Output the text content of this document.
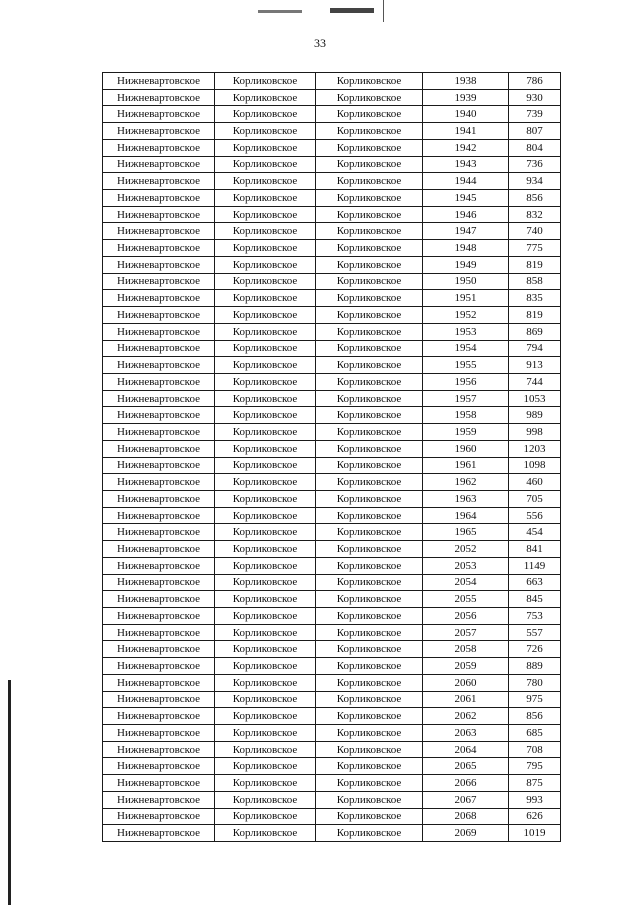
33
Нижневартовское	Корликовское	Корликовское	1938	786
Нижневартовское	Корликовское	Корликовское	1939	930
Нижневартовское	Корликовское	Корликовское	1940	739
Нижневартовское	Корликовское	Корликовское	1941	807
Нижневартовское	Корликовское	Корликовское	1942	804
Нижневартовское	Корликовское	Корликовское	1943	736
Нижневартовское	Корликовское	Корликовское	1944	934
Нижневартовское	Корликовское	Корликовское	1945	856
Нижневартовское	Корликовское	Корликовское	1946	832
Нижневартовское	Корликовское	Корликовское	1947	740
Нижневартовское	Корликовское	Корликовское	1948	775
Нижневартовское	Корликовское	Корликовское	1949	819
Нижневартовское	Корликовское	Корликовское	1950	858
Нижневартовское	Корликовское	Корликовское	1951	835
Нижневартовское	Корликовское	Корликовское	1952	819
Нижневартовское	Корликовское	Корликовское	1953	869
Нижневартовское	Корликовское	Корликовское	1954	794
Нижневартовское	Корликовское	Корликовское	1955	913
Нижневартовское	Корликовское	Корликовское	1956	744
Нижневартовское	Корликовское	Корликовское	1957	1053
Нижневартовское	Корликовское	Корликовское	1958	989
Нижневартовское	Корликовское	Корликовское	1959	998
Нижневартовское	Корликовское	Корликовское	1960	1203
Нижневартовское	Корликовское	Корликовское	1961	1098
Нижневартовское	Корликовское	Корликовское	1962	460
Нижневартовское	Корликовское	Корликовское	1963	705
Нижневартовское	Корликовское	Корликовское	1964	556
Нижневартовское	Корликовское	Корликовское	1965	454
Нижневартовское	Корликовское	Корликовское	2052	841
Нижневартовское	Корликовское	Корликовское	2053	1149
Нижневартовское	Корликовское	Корликовское	2054	663
Нижневартовское	Корликовское	Корликовское	2055	845
Нижневартовское	Корликовское	Корликовское	2056	753
Нижневартовское	Корликовское	Корликовское	2057	557
Нижневартовское	Корликовское	Корликовское	2058	726
Нижневартовское	Корликовское	Корликовское	2059	889
Нижневартовское	Корликовское	Корликовское	2060	780
Нижневартовское	Корликовское	Корликовское	2061	975
Нижневартовское	Корликовское	Корликовское	2062	856
Нижневартовское	Корликовское	Корликовское	2063	685
Нижневартовское	Корликовское	Корликовское	2064	708
Нижневартовское	Корликовское	Корликовское	2065	795
Нижневартовское	Корликовское	Корликовское	2066	875
Нижневартовское	Корликовское	Корликовское	2067	993
Нижневартовское	Корликовское	Корликовское	2068	626
Нижневартовское	Корликовское	Корликовское	2069	1019
